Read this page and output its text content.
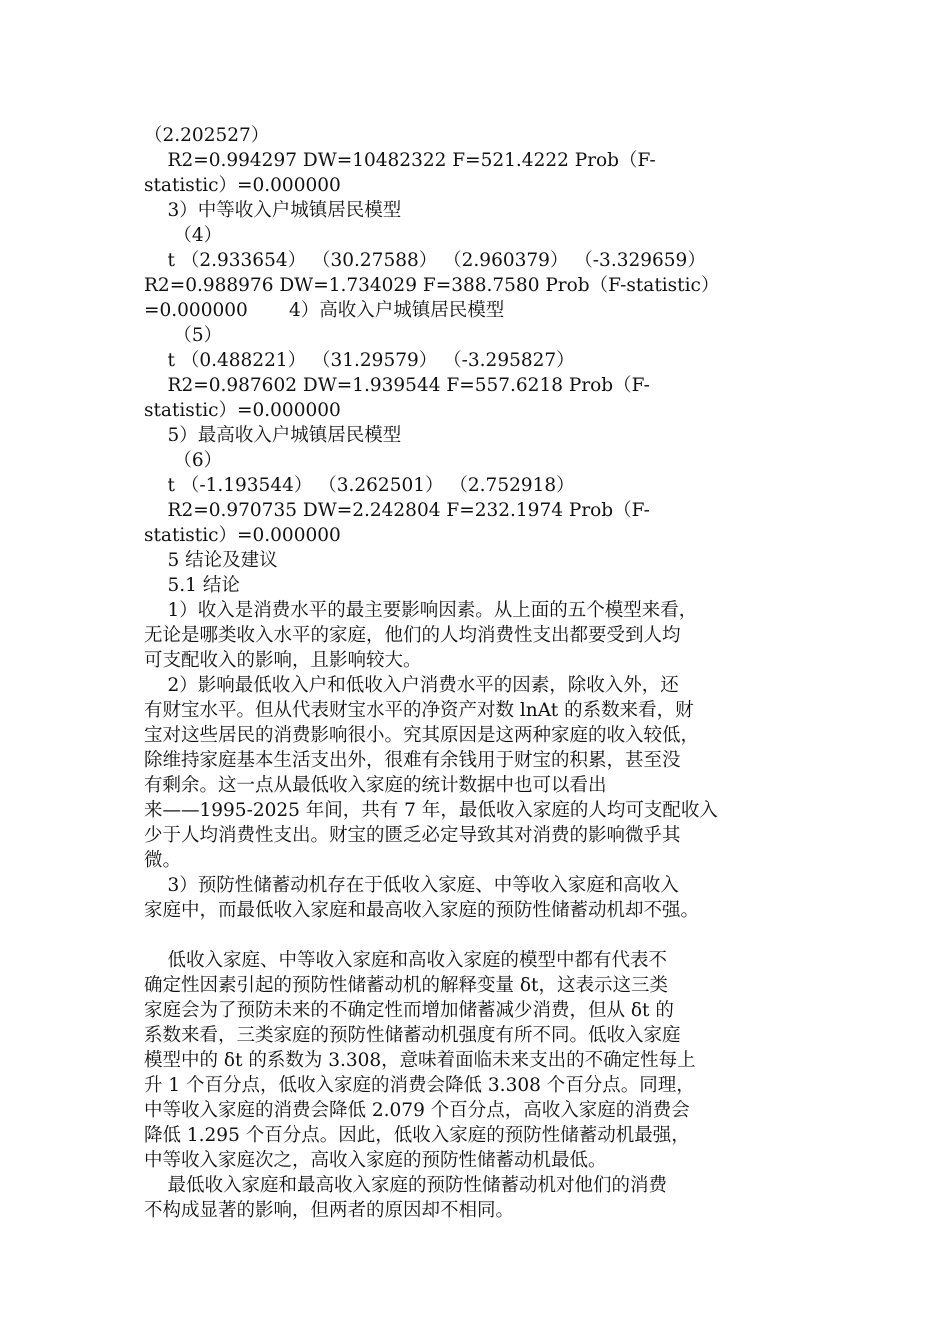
（2.202527）
R2=0.994297 DW=10482322 F=521.4222 Prob（F-
statistic）=0.000000
3）中等收入户城镇居民模型
（4）
t （2.933654） （30.27588） （2.960379） （-3.329659）
R2=0.988976 DW=1.734029 F=388.7580 Prob（F-statistic）
=0.000000       4）高收入户城镇居民模型
（5）
t （0.488221） （31.29579） （-3.295827）
R2=0.987602 DW=1.939544 F=557.6218 Prob（F-
statistic）=0.000000
5）最高收入户城镇居民模型
（6）
t （-1.193544） （3.262501） （2.752918）
R2=0.970735 DW=2.242804 F=232.1974 Prob（F-
statistic）=0.000000
5 结论及建议
5.1 结论
1）收入是消费水平的最主要影响因素。从上面的五个模型来看，
无论是哪类收入水平的家庭，他们的人均消费性支出都要受到人均
可支配收入的影响，且影响较大。
2）影响最低收入户和低收入户消费水平的因素，除收入外，还
有财宝水平。但从代表财宝水平的净资产对数 lnAt 的系数来看，财
宝对这些居民的消费影响很小。究其原因是这两种家庭的收入较低，
除维持家庭基本生活支出外，很难有余钱用于财宝的积累，甚至没
有剩余。这一点从最低收入家庭的统计数据中也可以看出
来——1995-2025 年间，共有 7 年，最低收入家庭的人均可支配收入
少于人均消费性支出。财宝的匮乏必定导致其对消费的影响微乎其
微。
3）预防性储蓄动机存在于低收入家庭、中等收入家庭和高收入
家庭中，而最低收入家庭和最高收入家庭的预防性储蓄动机却不强。
低收入家庭、中等收入家庭和高收入家庭的模型中都有代表不
确定性因素引起的预防性储蓄动机的解释变量 δt，这表示这三类
家庭会为了预防未来的不确定性而增加储蓄减少消费，但从 δt 的
系数来看，三类家庭的预防性储蓄动机强度有所不同。低收入家庭
模型中的 δt 的系数为 3.308，意味着面临未来支出的不确定性每上
升 1 个百分点，低收入家庭的消费会降低 3.308 个百分点。同理，
中等收入家庭的消费会降低 2.079 个百分点，高收入家庭的消费会
降低 1.295 个百分点。因此，低收入家庭的预防性储蓄动机最强，
中等收入家庭次之，高收入家庭的预防性储蓄动机最低。
最低收入家庭和最高收入家庭的预防性储蓄动机对他们的消费
不构成显著的影响，但两者的原因却不相同。
